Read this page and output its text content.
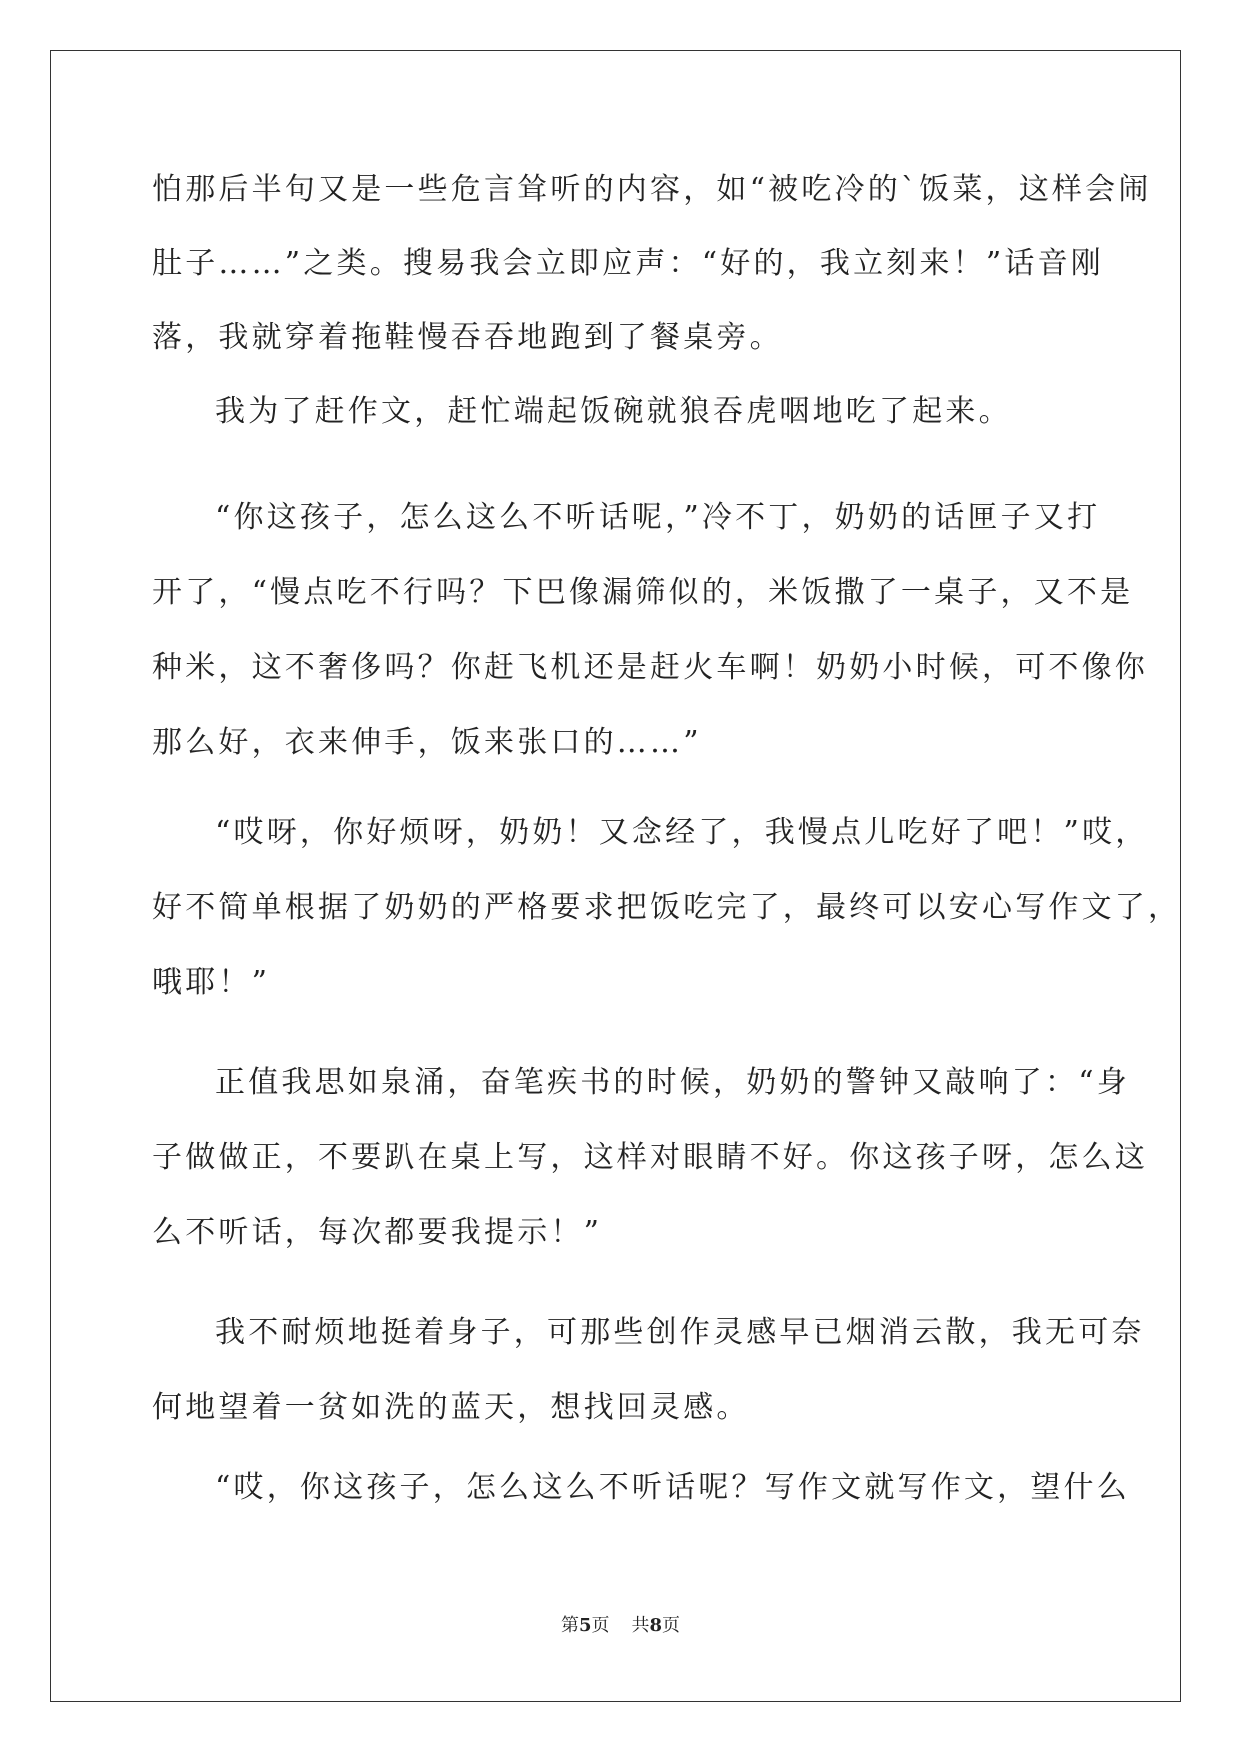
怕那后半句又是一些危言耸听的内容，如“被吃冷的`饭菜，这样会闹
肚子……”之类。搜易我会立即应声：“好的，我立刻来！”话音刚
落，我就穿着拖鞋慢吞吞地跑到了餐桌旁。
我为了赶作文，赶忙端起饭碗就狼吞虎咽地吃了起来。
“你这孩子，怎么这么不听话呢，”冷不丁，奶奶的话匣子又打
开了，“慢点吃不行吗？下巴像漏筛似的，米饭撒了一桌子，又不是
种米，这不奢侈吗？你赶飞机还是赶火车啊！奶奶小时候，可不像你
那么好，衣来伸手，饭来张口的……”
“哎呀，你好烦呀，奶奶！又念经了，我慢点儿吃好了吧！”哎，
好不简单根据了奶奶的严格要求把饭吃完了，最终可以安心写作文了，
哦耶！”
正值我思如泉涌，奋笔疾书的时候，奶奶的警钟又敲响了：“身
子做做正，不要趴在桌上写，这样对眼睛不好。你这孩子呀，怎么这
么不听话，每次都要我提示！”
我不耐烦地挺着身子，可那些创作灵感早已烟消云散，我无可奈
何地望着一贫如洗的蓝天，想找回灵感。
“哎，你这孩子，怎么这么不听话呢？写作文就写作文，望什么
第5页 共8页
